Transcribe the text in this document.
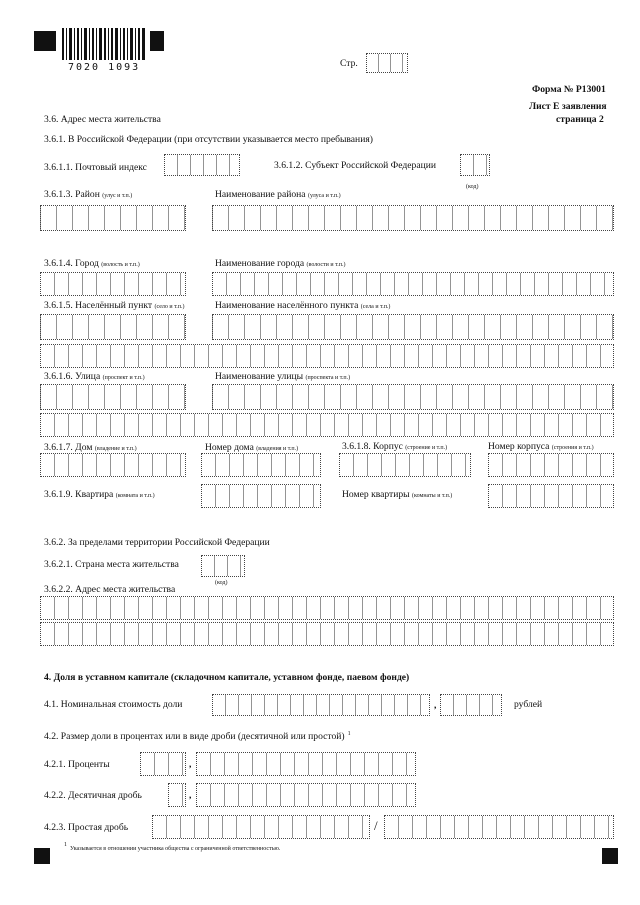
7020 1093	Стр.
Форма № Р13001
Лист Е заявления
страница 2
3.6. Адрес места жительства
3.6.1. В Российской Федерации (при отсутствии указывается место пребывания)
3.6.1.1. Почтовый индекс	3.6.1.2. Субъект Российской Федерации
(код)
3.6.1.3. Район (улус и т.п.)	Наименование района (улуса и т.п.)
3.6.1.4. Город (волость и т.п.)	Наименование города (волости и т.п.)
3.6.1.5. Населённый пункт (село и т.п.)	Наименование населённого пункта (села и т.п.)
3.6.1.6. Улица (проспект и т.п.)	Наименование улицы (проспекта и т.п.)
3.6.1.7. Дом (владение и т.п.)	Номер дома (владения и т.п.)	3.6.1.8. Корпус (строение и т.п.)	Номер корпуса (строения и т.п.)
3.6.1.9. Квартира (комната и т.п.)	Номер квартиры (комнаты и т.п.)
3.6.2. За пределами территории Российской Федерации
3.6.2.1. Страна места жительства
(код)
3.6.2.2. Адрес места жительства
4. Доля в уставном капитале (складочном капитале, уставном фонде, паевом фонде)
4.1. Номинальная стоимость доли	,	рублей
4.2. Размер доли в процентах или в виде дроби (десятичной или простой) $^1$
4.2.1. Проценты	,
4.2.2. Десятичная дробь	,
4.2.3. Простая дробь	/
1
Указывается в отношении участника общества с ограниченной ответственностью.
